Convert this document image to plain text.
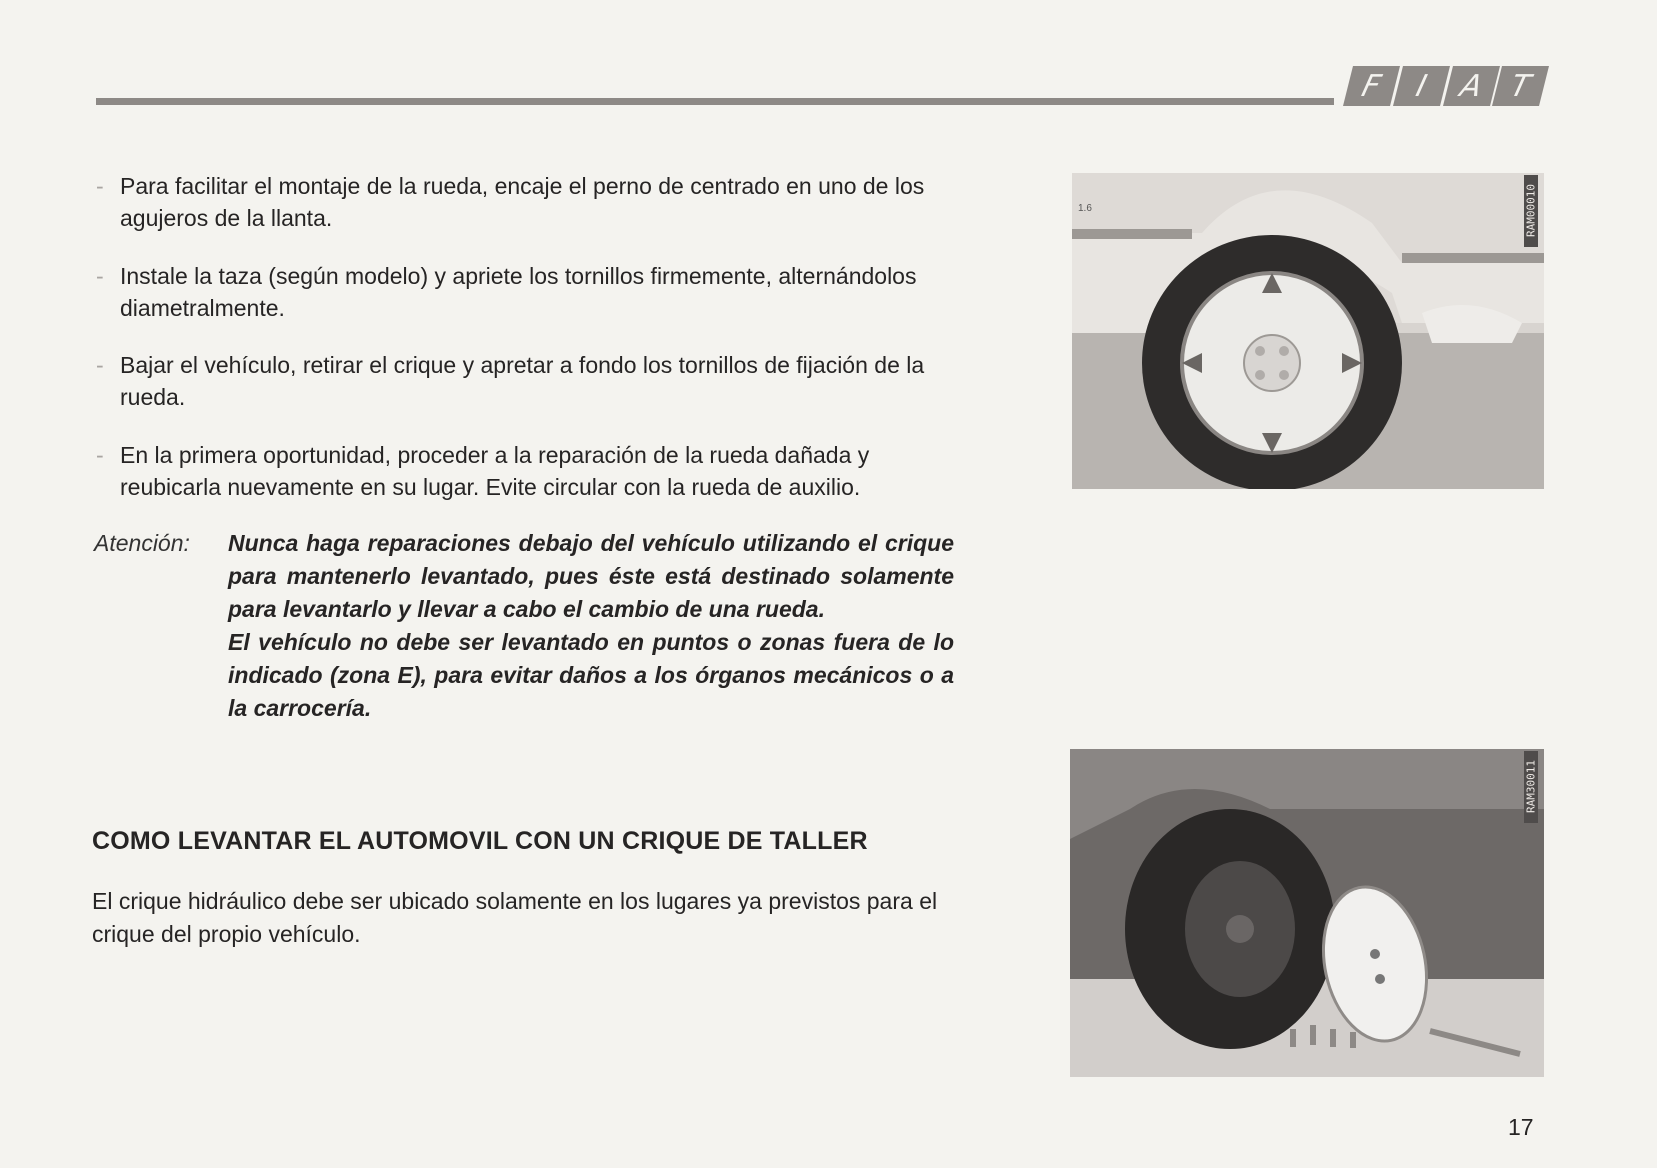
F I A T
- Para facilitar el montaje de la rueda, encaje el perno de centrado en uno de los agujeros de la llanta.
- Instale la taza (según modelo) y apriete los tornillos firmemente, alternándolos diametralmente.
- Bajar el vehículo, retirar el crique y apretar a fondo los tornillos de fijación de la rueda.
- En la primera oportunidad, proceder a la reparación de la rueda dañada y reubicarla nuevamente en su lugar. Evite circular con la rueda de auxilio.
Atención: Nunca haga reparaciones debajo del vehículo utilizando el crique para mantenerlo levantado, pues éste está destinado solamente para levantarlo y llevar a cabo el cambio de una rueda.

El vehículo no debe ser levantado en puntos o zonas fuera de lo indicado (zona E), para evitar daños a los órganos mecánicos o a la carrocería.

COMO LEVANTAR EL AUTOMOVIL CON UN CRIQUE DE TALLER
El crique hidráulico debe ser ubicado solamente en los lugares ya previstos para el crique del propio vehículo.
1.6	RAM00010
RAM30011
17
